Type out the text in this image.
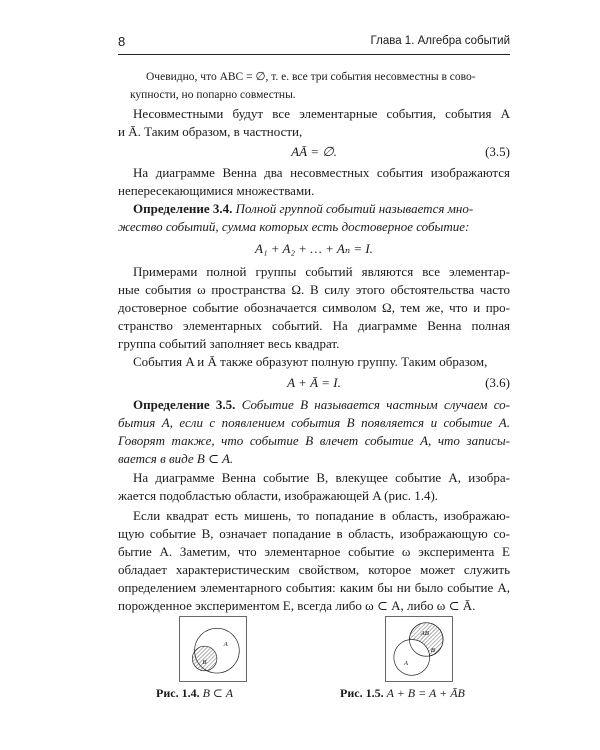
8	Глава 1. Алгебра событий
Очевидно, что ABC = ∅, т. е. все три события несовместны в сово-
купности, но попарно совместны.
Несовместными будут все элементарные события, события A
и Ā. Таким образом, в частности,
AĀ = ∅.	(3.5)
На диаграмме Венна два несовместных события изображаются
непересекающимися множествами.
Определение 3.4. Полной группой событий называется мно-
жество событий, сумма которых есть достоверное событие:
A₁ + A₂ + … + Aₙ = I.
Примерами полной группы событий являются все элементар-
ные события ω пространства Ω. В силу этого обстоятельства часто
достоверное событие обозначается символом Ω, тем же, что и про-
странство элементарных событий. На диаграмме Венна полная
группа событий заполняет весь квадрат.
События A и Ā также образуют полную группу. Таким образом,
A + Ā = I.	(3.6)
Определение 3.5. Событие B называется частным случаем со-
бытия A, если с появлением события B появляется и событие A.
Говорят также, что событие B влечет событие A, что записы-
вается в виде B ⊂ A.
На диаграмме Венна событие B, влекущее событие A, изобра-
жается подобластью области, изображающей A (рис. 1.4).
Если квадрат есть мишень, то попадание в область, изображаю-
щую событие B, означает попадание в область, изображающую со-
бытие A. Заметим, что элементарное событие ω эксперимента E
обладает характеристическим свойством, которое может служить
определением элементарного события: каким бы ни было событие A,
порожденное экспериментом E, всегда либо ω ⊂ A, либо ω ⊂ Ā.
A
B
AB
B
A
Рис. 1.4. B ⊂ A	Рис. 1.5. A + B = A + ĀB
